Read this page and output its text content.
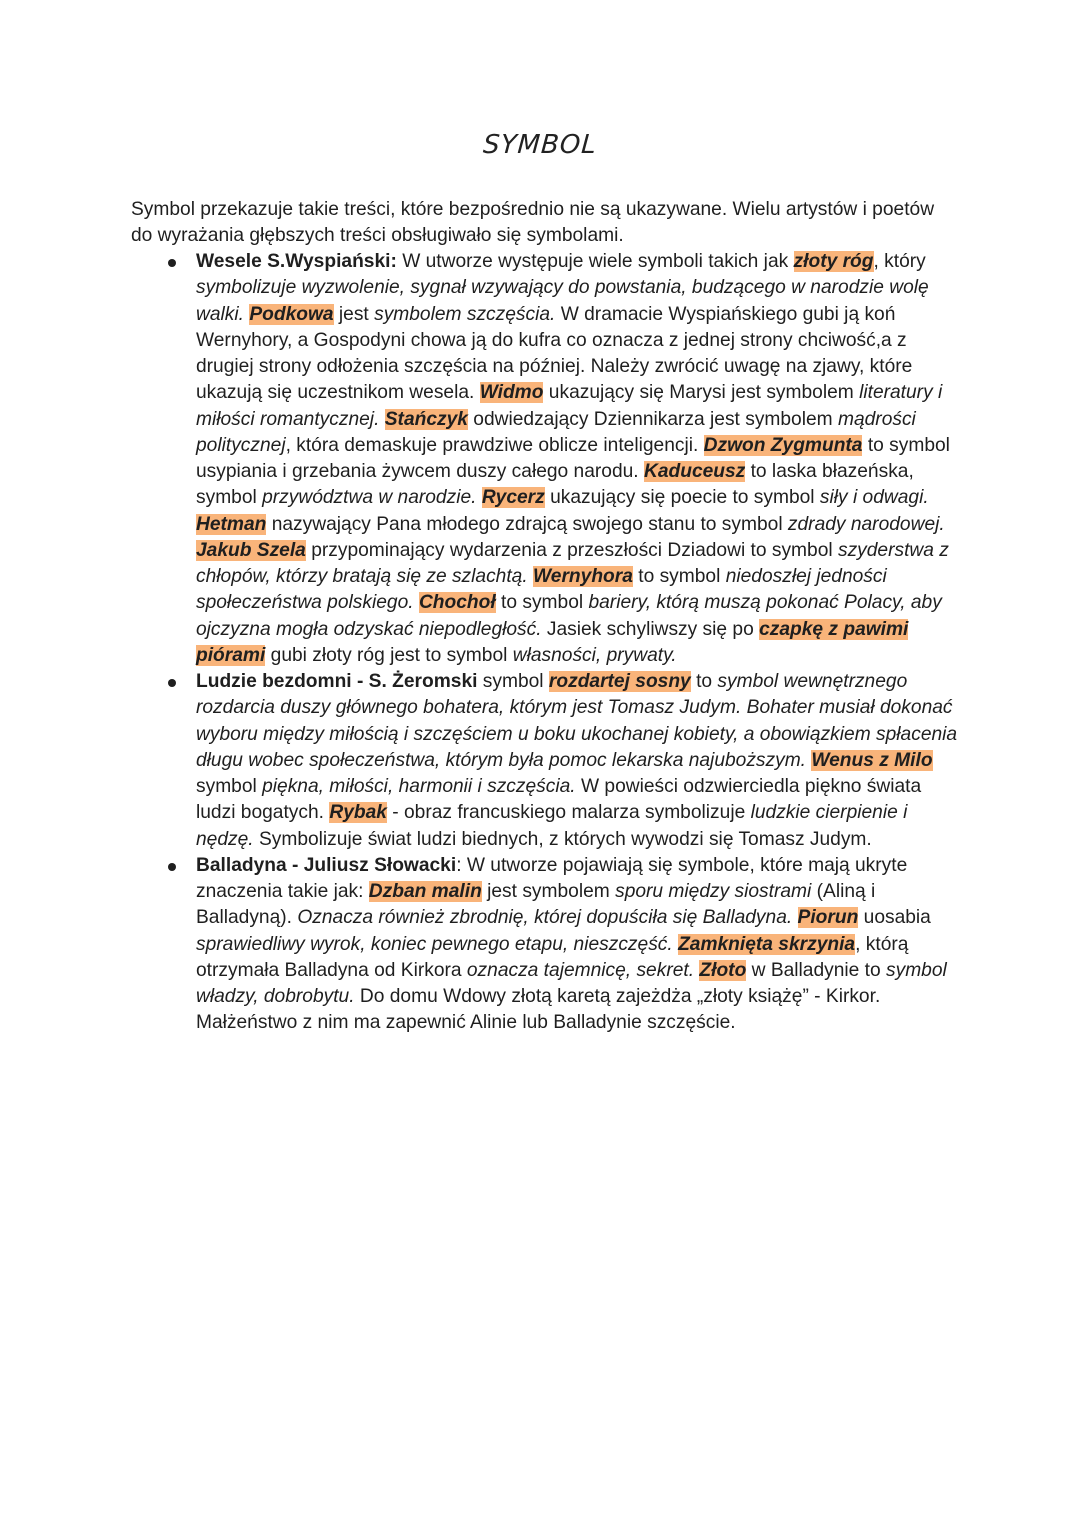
SYMBOL

Symbol przekazuje takie treści, które bezpośrednio nie są ukazywane. Wielu artystów i poetów do wyrażania głębszych treści obsługiwało się symbolami.

Wesele S.Wyspiański: W utworze występuje wiele symboli takich jak złoty róg, który symbolizuje wyzwolenie, sygnał wzywający do powstania, budzącego w narodzie wolę walki. Podkowa jest symbolem szczęścia. W dramacie Wyspiańskiego gubi ją koń Wernyhory, a Gospodyni chowa ją do kufra co oznacza z jednej strony chciwość,a z drugiej strony odłożenia szczęścia na później. Należy zwrócić uwagę na zjawy, które ukazują się uczestnikom wesela. Widmo ukazujący się Marysi jest symbolem literatury i miłości romantycznej. Stańczyk odwiedzający Dziennikarza jest symbolem mądrości politycznej, która demaskuje prawdziwe oblicze inteligencji. Dzwon Zygmunta to symbol usypiania i grzebania żywcem duszy całego narodu. Kaduceusz to laska błazeńska, symbol przywództwa w narodzie. Rycerz ukazujący się poecie to symbol siły i odwagi. Hetman nazywający Pana młodego zdrajcą swojego stanu to symbol zdrady narodowej. Jakub Szela przypominający wydarzenia z przeszłości Dziadowi to symbol szyderstwa z chłopów, którzy bratają się ze szlachtą. Wernyhora to symbol niedoszłej jedności społeczeństwa polskiego. Chochoł to symbol bariery, którą muszą pokonać Polacy, aby ojczyzna mogła odzyskać niepodległość. Jasiek schyliwszy się po czapkę z pawimi piórami gubi złoty róg jest to symbol własności, prywaty.
Ludzie bezdomni - S. Żeromski symbol rozdartej sosny to symbol wewnętrznego rozdarcia duszy głównego bohatera, którym jest Tomasz Judym. Bohater musiał dokonać wyboru między miłością i szczęściem u boku ukochanej kobiety, a obowiązkiem spłacenia długu wobec społeczeństwa, którym była pomoc lekarska najuboższym. Wenus z Milo symbol piękna, miłości, harmonii i szczęścia. W powieści odzwierciedla piękno świata ludzi bogatych. Rybak - obraz francuskiego malarza symbolizuje ludzkie cierpienie i nędzę. Symbolizuje świat ludzi biednych, z których wywodzi się Tomasz Judym.
Balladyna - Juliusz Słowacki: W utworze pojawiają się symbole, które mają ukryte znaczenia takie jak: Dzban malin jest symbolem sporu między siostrami (Aliną i Balladyną). Oznacza również zbrodnię, której dopuściła się Balladyna. Piorun uosabia sprawiedliwy wyrok, koniec pewnego etapu, nieszczęść. Zamknięta skrzynia, którą otrzymała Balladyna od Kirkora oznacza tajemnicę, sekret. Złoto w Balladynie to symbol władzy, dobrobytu. Do domu Wdowy złotą karetą zajeżdża „złoty książę” - Kirkor. Małżeństwo z nim ma zapewnić Alinie lub Balladynie szczęście.
